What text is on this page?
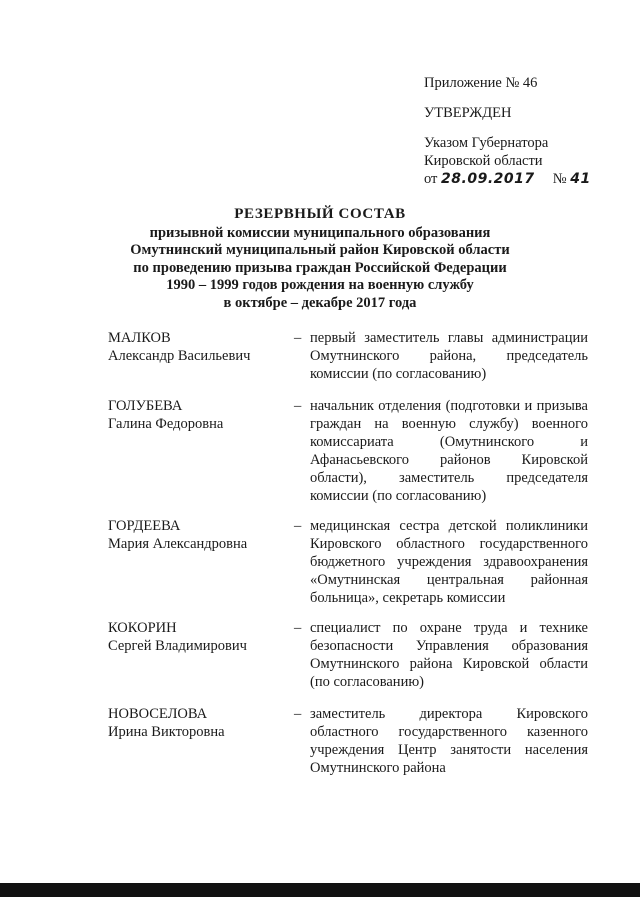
Приложение № 46
УТВЕРЖДЕН
Указом Губернатора
Кировской области
от 28.09.2017 № 41
РЕЗЕРВНЫЙ СОСТАВ
призывной комиссии муниципального образования
Омутнинский муниципальный район Кировской области
по проведению призыва граждан Российской Федерации
1990 – 1999 годов рождения на военную службу
в октябре – декабре 2017 года
МАЛКОВ
Александр Васильевич
– первый заместитель главы администрации Омутнинского района, председатель комиссии (по согласованию)
ГОЛУБЕВА
Галина Федоровна
– начальник отделения (подготовки и призыва граждан на военную службу) военного комиссариата (Омутнинского и Афанасьевского районов Кировской области), заместитель председателя комиссии (по согласованию)
ГОРДЕЕВА
Мария Александровна
– медицинская сестра детской поликлиники Кировского областного государственного бюджетного учреждения здравоохранения «Омутнинская центральная районная больница», секретарь комиссии
КОКОРИН
Сергей Владимирович
– специалист по охране труда и технике безопасности Управления образования Омутнинского района Кировской области (по согласованию)
НОВОСЕЛОВА
Ирина Викторовна
– заместитель директора Кировского областного государственного казенного учреждения Центр занятости населения Омутнинского района
